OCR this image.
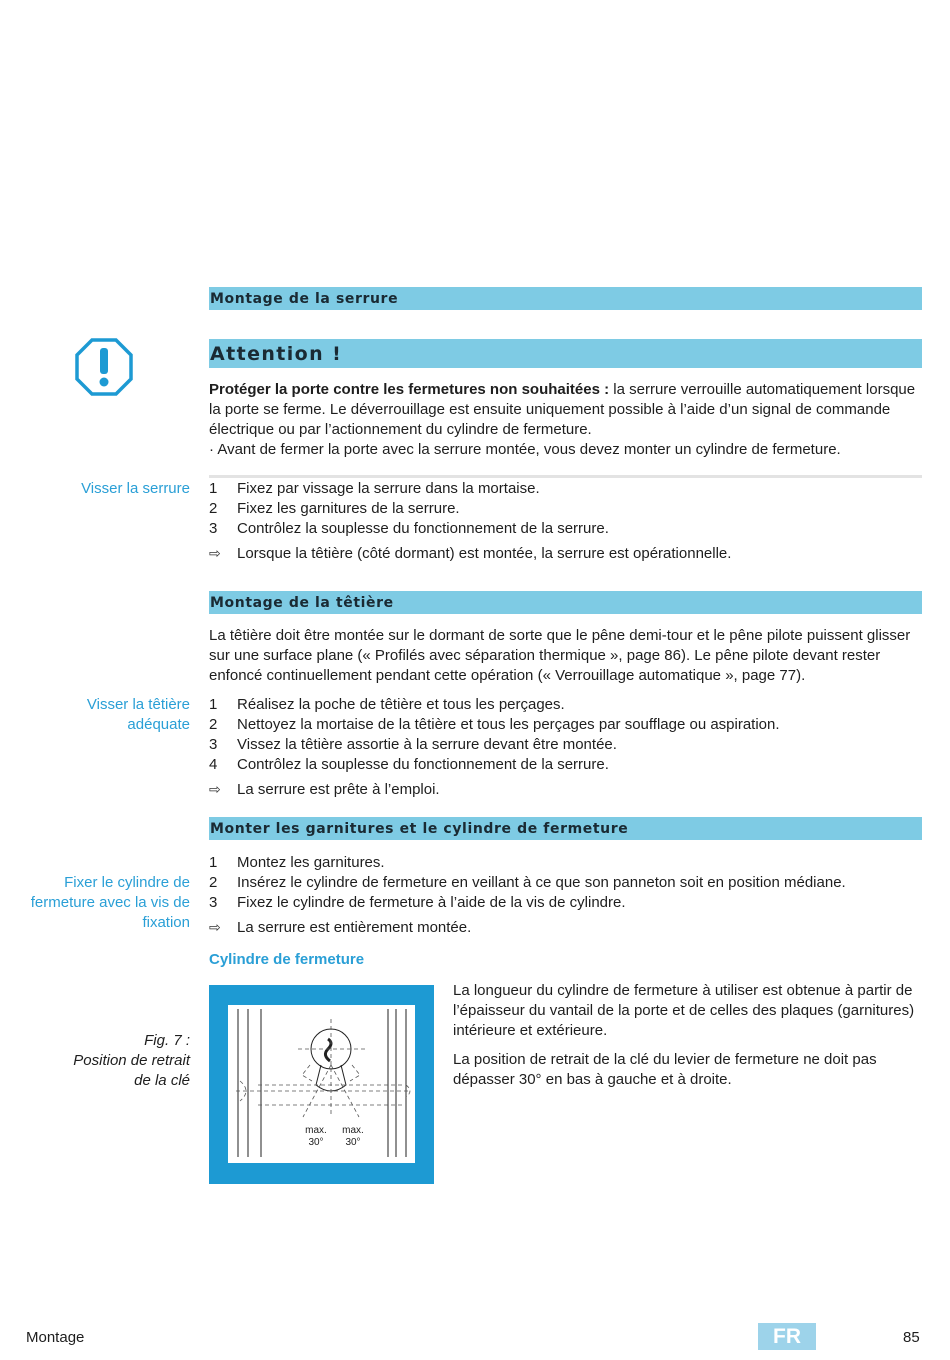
Montage de la serrure
Attention !
Protéger la porte contre les fermetures non souhaitées : la serrure verrouille automatiquement lorsque la porte se ferme. Le déverrouillage est ensuite uniquement possible à l’aide d’un signal de commande électrique ou par l’actionnement du cylindre de fermeture.
· Avant de fermer la porte avec la serrure montée, vous devez monter un cylindre de fermeture.
Visser la serrure 1	Fixez par vissage la serrure dans la mortaise.
2	Fixez les garnitures de la serrure.
3	Contrôlez la souplesse du fonctionnement de la serrure.
⇨ Lorsque la têtière (côté dormant) est montée, la serrure est opérationnelle.
Montage de la têtière
La têtière doit être montée sur le dormant de sorte que le pêne demi-tour et le pêne pilote puissent glisser sur une surface plane (« Profilés avec séparation thermique », page 86). Le pêne pilote devant rester enfoncé continuellement pendant cette opération (« Verrouillage automatique », page 77).
Visser la têtière
adéquate
1	Réalisez la poche de têtière et tous les perçages.
2	Nettoyez la mortaise de la têtière et tous les perçages par soufflage ou aspiration.
3	Vissez la têtière assortie à la serrure devant être montée.
4	Contrôlez la souplesse du fonctionnement de la serrure.
⇨ La serrure est prête à l’emploi.
Monter les garnitures et le cylindre de fermeture
Fixer le cylindre de
fermeture avec la vis de
fixation
1	Montez les garnitures.
2	Insérez le cylindre de fermeture en veillant à ce que son panneton soit en position médiane.
3	Fixez le cylindre de fermeture à l’aide de la vis de cylindre.
⇨ La serrure est entièrement montée.
Cylindre de fermeture
Fig. 7 :
Position de retrait
de la clé
max.
30°
max.
30°
La longueur du cylindre de fermeture à utiliser est obtenue à partir de l’épaisseur du vantail de la porte et de celles des plaques (garnitures) intérieure et extérieure.
La position de retrait de la clé du levier de fermeture ne doit pas dépasser 30° en bas à gauche et à droite.
Montage	FR	85
